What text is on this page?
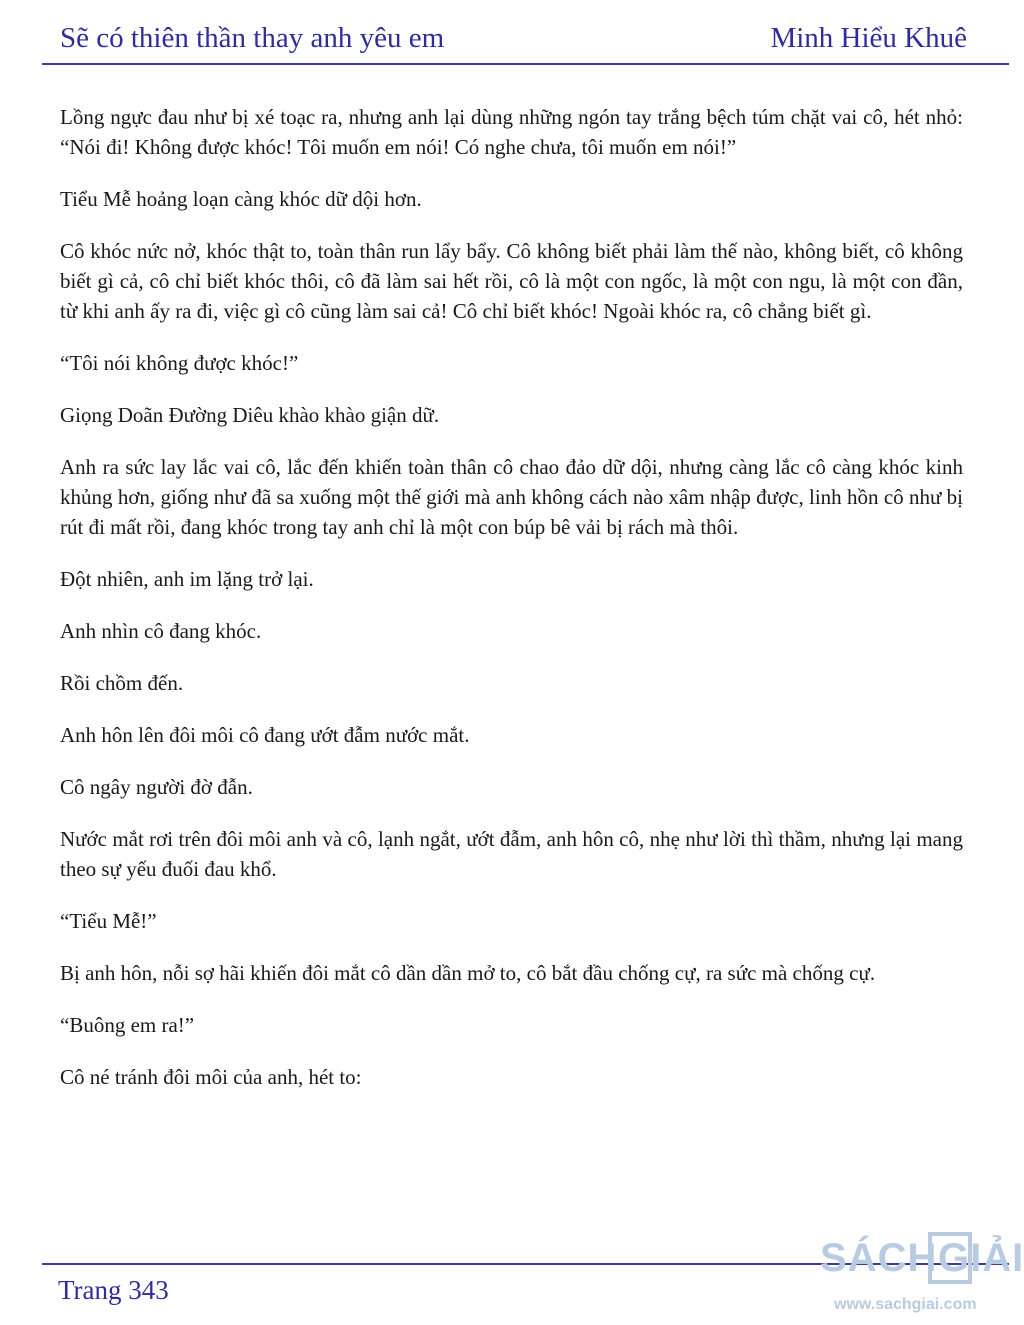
Sẽ có thiên thần thay anh yêu em	Minh Hiểu Khuê

Lồng ngực đau như bị xé toạc ra, nhưng anh lại dùng những ngón tay trắng bệch túm chặt vai cô, hét nhỏ: “Nói đi! Không được khóc! Tôi muốn em nói! Có nghe chưa, tôi muốn em nói!”

Tiểu Mễ hoảng loạn càng khóc dữ dội hơn.

Cô khóc nức nở, khóc thật to, toàn thân run lẩy bẩy. Cô không biết phải làm thế nào, không biết, cô không biết gì cả, cô chỉ biết khóc thôi, cô đã làm sai hết rồi, cô là một con ngốc, là một con ngu, là một con đần, từ khi anh ấy ra đi, việc gì cô cũng làm sai cả! Cô chỉ biết khóc! Ngoài khóc ra, cô chẳng biết gì.

“Tôi nói không được khóc!”

Giọng Doãn Đường Diêu khào khào giận dữ.

Anh ra sức lay lắc vai cô, lắc đến khiến toàn thân cô chao đảo dữ dội, nhưng càng lắc cô càng khóc kinh khủng hơn, giống như đã sa xuống một thế giới mà anh không cách nào xâm nhập được, linh hồn cô như bị rút đi mất rồi, đang khóc trong tay anh chỉ là một con búp bê vải bị rách mà thôi.

Đột nhiên, anh im lặng trở lại.

Anh nhìn cô đang khóc.

Rồi chồm đến.

Anh hôn lên đôi môi cô đang ướt đẫm nước mắt.

Cô ngây người đờ đẫn.

Nước mắt rơi trên đôi môi anh và cô, lạnh ngắt, ướt đẫm, anh hôn cô, nhẹ như lời thì thầm, nhưng lại mang theo sự yếu đuối đau khổ.

“Tiểu Mễ!”

Bị anh hôn, nỗi sợ hãi khiến đôi mắt cô dần dần mở to, cô bắt đầu chống cự, ra sức mà chống cự.

“Buông em ra!”

Cô né tránh đôi môi của anh, hét to:

Trang 343
SÁCH GIẢI
www.sachgiai.com
